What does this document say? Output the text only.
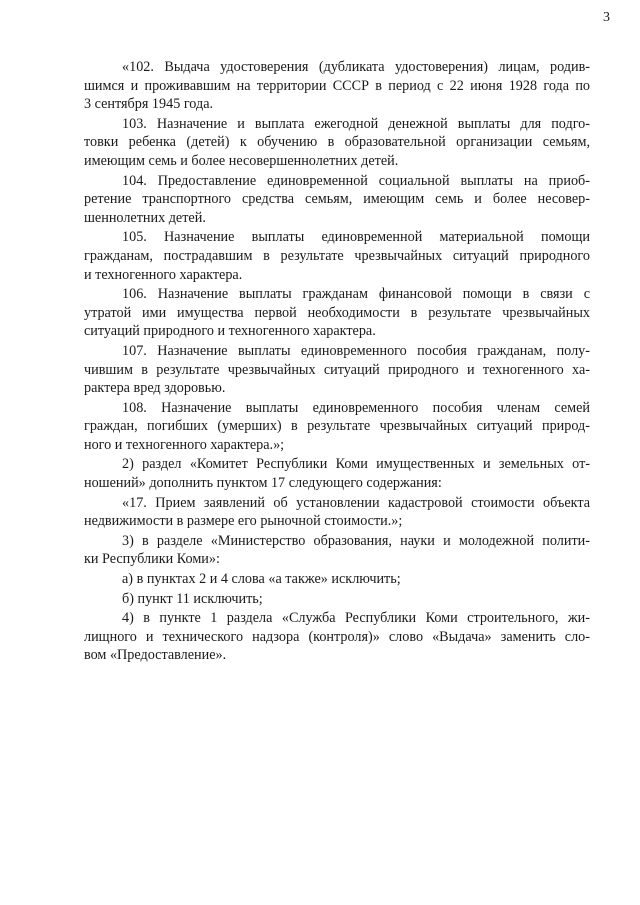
3
«102. Выдача удостоверения (дубликата удостоверения) лицам, родив-
шимся и проживавшим на территории СССР в период с 22 июня 1928 года по
3 сентября 1945 года.
103. Назначение и выплата ежегодной денежной выплаты для подго-
товки ребенка (детей) к обучению в образовательной организации семьям,
имеющим семь и более несовершеннолетних детей.
104. Предоставление единовременной социальной выплаты на приоб-
ретение транспортного средства семьям, имеющим семь и более несовер-
шеннолетних детей.
105. Назначение выплаты единовременной материальной помощи
гражданам, пострадавшим в результате чрезвычайных ситуаций природного
и техногенного характера.
106. Назначение выплаты гражданам финансовой помощи в связи с
утратой ими имущества первой необходимости в результате чрезвычайных
ситуаций природного и техногенного характера.
107. Назначение выплаты единовременного пособия гражданам, полу-
чившим в результате чрезвычайных ситуаций природного и техногенного ха-
рактера вред здоровью.
108. Назначение выплаты единовременного пособия членам семей
граждан, погибших (умерших) в результате чрезвычайных ситуаций природ-
ного и техногенного характера.»;
2) раздел «Комитет Республики Коми имущественных и земельных от-
ношений» дополнить пунктом 17 следующего содержания:
«17. Прием заявлений об установлении кадастровой стоимости объекта
недвижимости в размере его рыночной стоимости.»;
3) в разделе «Министерство образования, науки и молодежной полити-
ки Республики Коми»:
а) в пунктах 2 и 4 слова «а также» исключить;
б) пункт 11 исключить;
4) в пункте 1 раздела «Служба Республики Коми строительного, жи-
лищного и технического надзора (контроля)» слово «Выдача» заменить сло-
вом «Предоставление».
